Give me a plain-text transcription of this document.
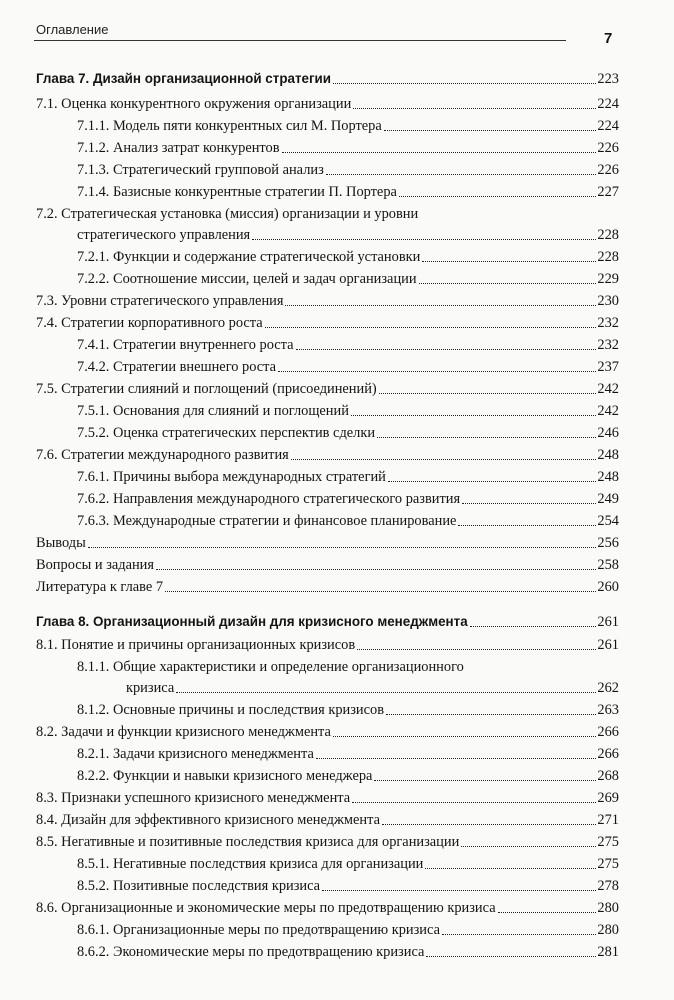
Оглавление
7
Глава 7. Дизайн организационной стратегии	223
7.1. Оценка конкурентного окружения организации	224
7.1.1. Модель пяти конкурентных сил М. Портера	224
7.1.2. Анализ затрат конкурентов	226
7.1.3. Стратегический групповой анализ	226
7.1.4. Базисные конкурентные стратегии П. Портера	227
7.2. Стратегическая установка (миссия) организации и уровни
стратегического управления	228
7.2.1. Функции и содержание стратегической установки	228
7.2.2. Соотношение миссии, целей и задач организации	229
7.3. Уровни стратегического управления	230
7.4. Стратегии корпоративного роста	232
7.4.1. Стратегии внутреннего роста	232
7.4.2. Стратегии внешнего роста	237
7.5. Стратегии слияний и поглощений (присоединений)	242
7.5.1. Основания для слияний и поглощений	242
7.5.2. Оценка стратегических перспектив сделки	246
7.6. Стратегии международного развития	248
7.6.1. Причины выбора международных стратегий	248
7.6.2. Направления международного стратегического развития	249
7.6.3. Международные стратегии и финансовое планирование	254
Выводы	256
Вопросы и задания	258
Литература к главе 7	260
Глава 8. Организационный дизайн для кризисного менеджмента	261
8.1. Понятие и причины организационных кризисов	261
8.1.1. Общие характеристики и определение организационного
кризиса	262
8.1.2. Основные причины и последствия кризисов	263
8.2. Задачи и функции кризисного менеджмента	266
8.2.1. Задачи кризисного менеджмента	266
8.2.2. Функции и навыки кризисного менеджера	268
8.3. Признаки успешного кризисного менеджмента	269
8.4. Дизайн для эффективного кризисного менеджмента	271
8.5. Негативные и позитивные последствия кризиса для организации	275
8.5.1. Негативные последствия кризиса для организации	275
8.5.2. Позитивные последствия кризиса	278
8.6. Организационные и экономические меры по предотвращению кризиса	280
8.6.1. Организационные меры по предотвращению кризиса	280
8.6.2. Экономические меры по предотвращению кризиса	281
